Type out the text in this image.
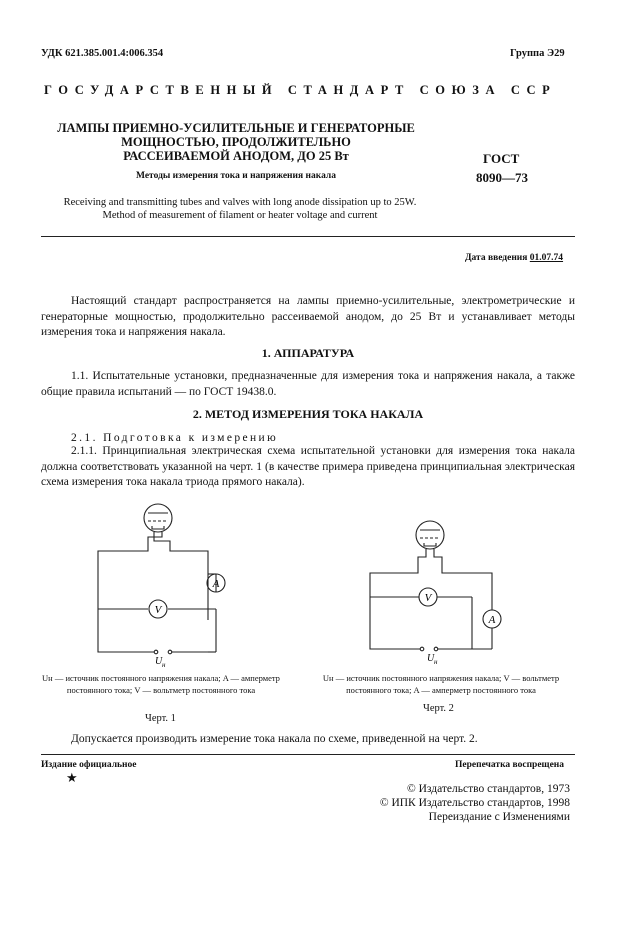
УДК 621.385.001.4:006.354	Группа Э29
ГОСУДАРСТВЕННЫЙ СТАНДАРТ СОЮЗА ССР
ЛАМПЫ ПРИЕМНО-УСИЛИТЕЛЬНЫЕ И ГЕНЕРАТОРНЫЕ
МОЩНОСТЬЮ, ПРОДОЛЖИТЕЛЬНО
РАССЕИВАЕМОЙ АНОДОМ, ДО 25 Вт
Методы измерения тока и напряжения накала
ГОСТ
8090—73
Receiving and transmitting tubes and valves with long anode dissipation up to 25W.
Method of measurement of filament or heater voltage and current
Дата введения 01.07.74
Настоящий стандарт распространяется на лампы приемно-усилительные, электрометрические и генераторные мощностью, продолжительно рассеиваемой анодом, до 25 Вт и устанавливает методы измерения тока и напряжения накала.
1. АППАРАТУРА
1.1. Испытательные установки, предназначенные для измерения тока и напряжения накала, а также общие правила испытаний — по ГОСТ 19438.0.
2. МЕТОД ИЗМЕРЕНИЯ ТОКА НАКАЛА
2.1. Подготовка к измерению
2.1.1. Принципиальная электрическая схема испытательной установки для измерения тока накала должна соответствовать указанной на черт. 1 (в качестве примера приведена принципиальная электрическая схема измерения тока накала триода прямого накала).
V
A
U н
Uн — источник постоянного напряжения накала; A — амперметр постоянного тока; V — вольтметр постоянного тока
Черт. 1
V
A
U н
Uн — источник постоянного напряжения накала; V — вольтметр постоянного тока; A — амперметр постоянного тока
Черт. 2
Допускается производить измерение тока накала по схеме, приведенной на черт. 2.
Издание официальное
★
Перепечатка воспрещена
© Издательство стандартов, 1973
© ИПК Издательство стандартов, 1998
Переиздание с Изменениями
